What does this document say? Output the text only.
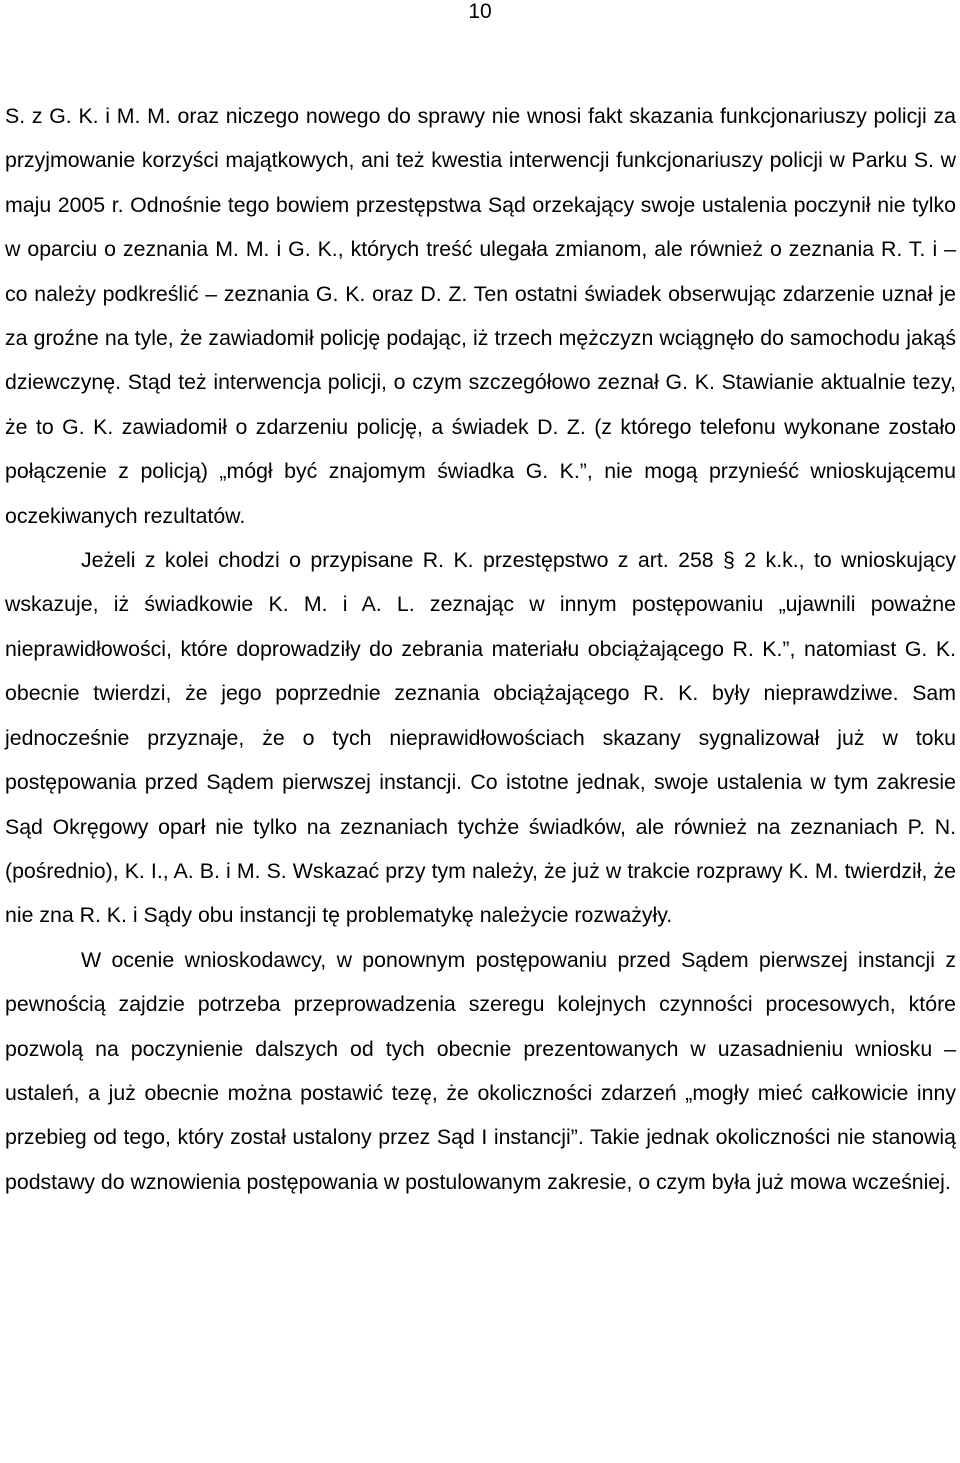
10

S. z G. K. i M. M. oraz niczego nowego do sprawy nie wnosi fakt skazania funkcjonariuszy policji za przyjmowanie korzyści majątkowych, ani też kwestia interwencji funkcjonariuszy policji w Parku S. w maju 2005 r. Odnośnie tego bowiem przestępstwa Sąd orzekający swoje ustalenia poczynił nie tylko w oparciu o zeznania M. M. i G. K., których treść ulegała zmianom, ale również o zeznania R. T. i – co należy podkreślić – zeznania G. K. oraz D. Z. Ten ostatni świadek obserwując zdarzenie uznał je za groźne na tyle, że zawiadomił policję podając, iż trzech mężczyzn wciągnęło do samochodu jakąś dziewczynę. Stąd też interwencja policji, o czym szczegółowo zeznał G. K. Stawianie aktualnie tezy, że to G. K. zawiadomił o zdarzeniu policję, a świadek D. Z. (z którego telefonu wykonane zostało połączenie z policją) „mógł być znajomym świadka G. K.”, nie mogą przynieść wnioskującemu oczekiwanych rezultatów.

Jeżeli z kolei chodzi o przypisane R. K. przestępstwo z art. 258 § 2 k.k., to wnioskujący wskazuje, iż świadkowie K. M. i A. L. zeznając w innym postępowaniu „ujawnili poważne nieprawidłowości, które doprowadziły do zebrania materiału obciążającego R. K.”, natomiast G. K. obecnie twierdzi, że jego poprzednie zeznania obciążającego R. K. były nieprawdziwe. Sam jednocześnie przyznaje, że o tych nieprawidłowościach skazany sygnalizował już w toku postępowania przed Sądem pierwszej instancji. Co istotne jednak, swoje ustalenia w tym zakresie Sąd Okręgowy oparł nie tylko na zeznaniach tychże świadków, ale również na zeznaniach P. N. (pośrednio), K. I., A. B. i M. S. Wskazać przy tym należy, że już w trakcie rozprawy K. M. twierdził, że nie zna R. K. i Sądy obu instancji tę problematykę należycie rozważyły.

W ocenie wnioskodawcy, w ponownym postępowaniu przed Sądem pierwszej instancji z pewnością zajdzie potrzeba przeprowadzenia szeregu kolejnych czynności procesowych, które pozwolą na poczynienie dalszych od tych obecnie prezentowanych w uzasadnieniu wniosku – ustaleń, a już obecnie można postawić tezę, że okoliczności zdarzeń „mogły mieć całkowicie inny przebieg od tego, który został ustalony przez Sąd I instancji”. Takie jednak okoliczności nie stanowią podstawy do wznowienia postępowania w postulowanym zakresie, o czym była już mowa wcześniej.
